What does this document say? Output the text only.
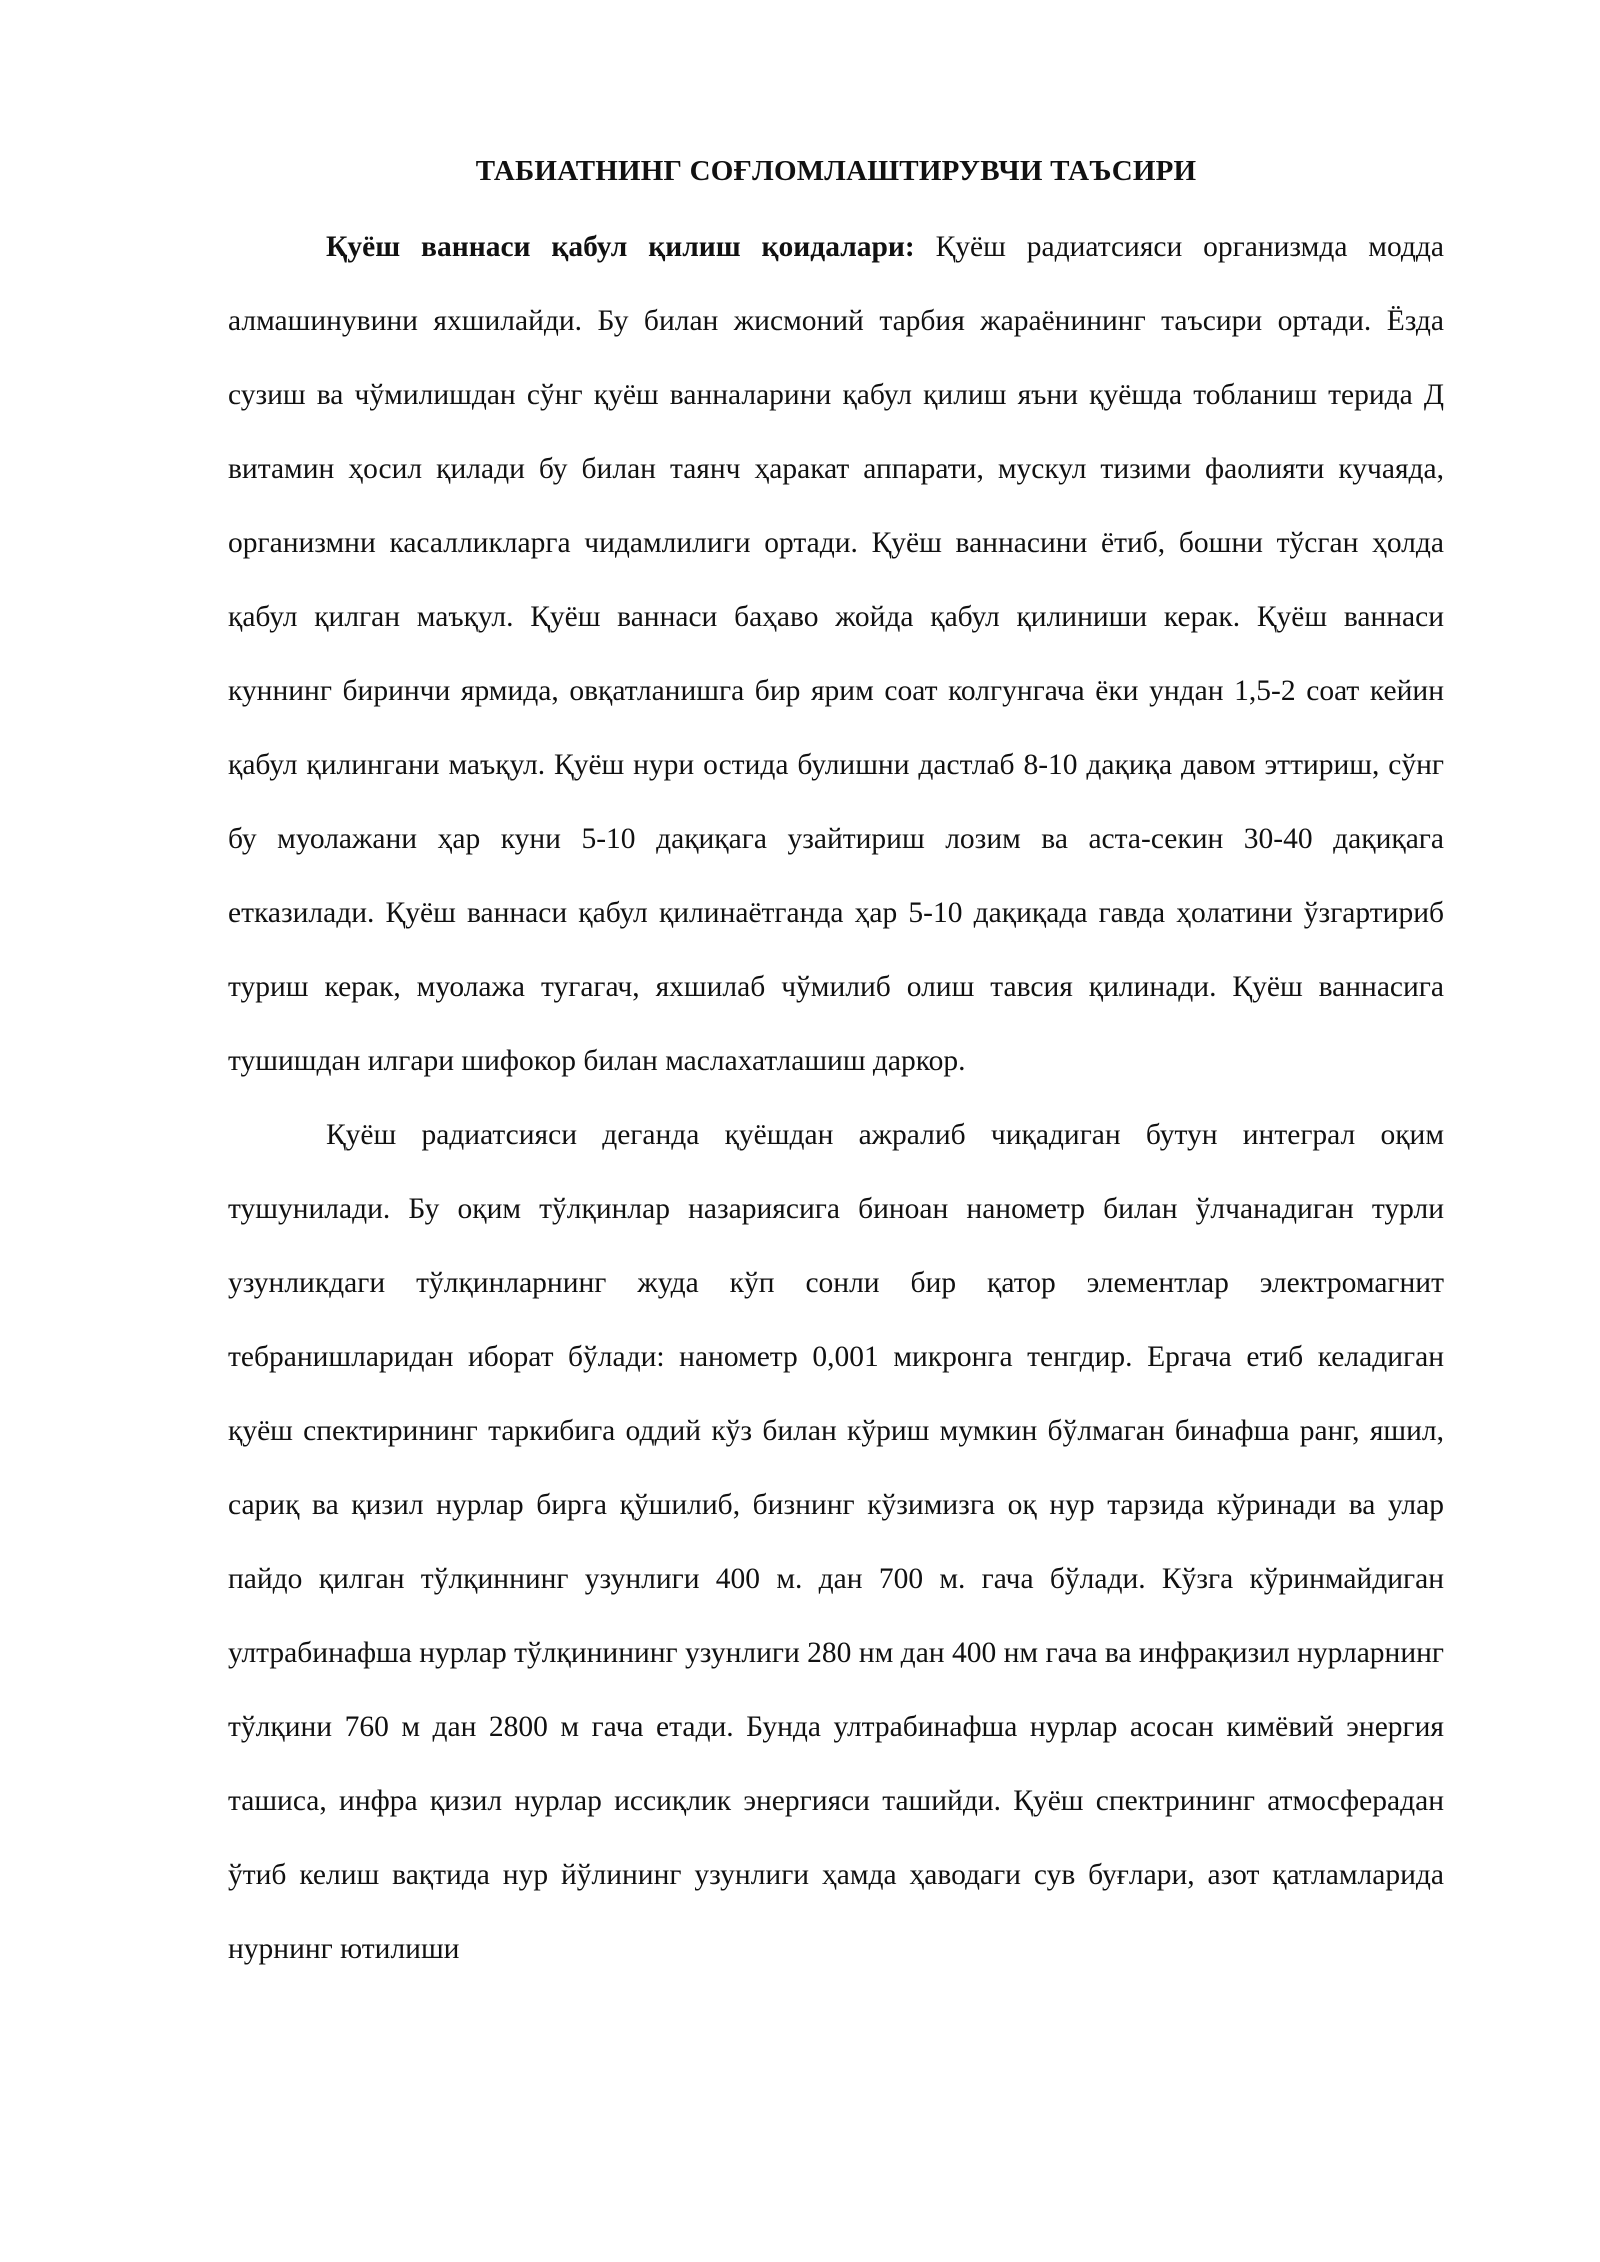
ТАБИАТНИНГ СОҒЛОМЛАШТИРУВЧИ ТАЪСИРИ

Қуёш ваннаси қабул қилиш қоидалари: Қуёш радиатсияси организмда модда алмашинувини яхшилайди. Бу билан жисмоний тарбия жараёнининг таъсири ортади. Ёзда сузиш ва чўмилишдан сўнг қуёш ванналарини қабул қилиш яъни қуёшда тобланиш терида Д витамин ҳосил қилади бу билан таянч ҳаракат аппарати, мускул тизими фаолияти кучаяда, организмни касалликларга чидамлилиги ортади. Қуёш ваннасини ётиб, бошни тўсган ҳолда қабул қилган маъқул. Қуёш ваннаси баҳаво жойда қабул қилиниши керак. Қуёш ваннаси куннинг биринчи ярмида, овқатланишга бир ярим соат колгунгача ёки ундан 1,5-2 соат кейин қабул қилингани маъқул. Қуёш нури остида булишни дастлаб 8-10 дақиқа давом эттириш, сўнг бу муолажани ҳар куни 5-10 дақиқага узайтириш лозим ва аста-секин 30-40 дақиқага етказилади. Қуёш ваннаси қабул қилинаётганда ҳар 5-10 дақиқада гавда ҳолатини ўзгартириб туриш керак, муолажа тугагач, яхшилаб чўмилиб олиш тавсия қилинади. Қуёш ваннасига тушишдан илгари шифокор билан маслахатлашиш даркор.

Қуёш радиатсияси деганда қуёшдан ажралиб чиқадиган бутун интеграл оқим тушунилади. Бу оқим тўлқинлар назариясига биноан нанометр билан ўлчанадиган турли узунликдаги тўлқинларнинг жуда кўп сонли бир қатор элементлар электромагнит тебранишларидан иборат бўлади: нанометр 0,001 микронга тенгдир. Ергача етиб келадиган қуёш спектирининг таркибига оддий кўз билан кўриш мумкин бўлмаган бинафша ранг, яшил, сариқ ва қизил нурлар бирга қўшилиб, бизнинг кўзимизга оқ нур тарзида кўринади ва улар пайдо қилган тўлқиннинг узунлиги 400 м. дан 700 м. гача бўлади. Кўзга кўринмайдиган ултрабинафша нурлар тўлқинининг узунлиги 280 нм дан 400 нм гача ва инфрақизил нурларнинг тўлқини 760 м дан 2800 м гача етади. Бунда ултрабинафша нурлар асосан кимёвий энергия ташиса, инфра қизил нурлар иссиқлик энергияси ташийди. Қуёш спектрининг атмосферадан ўтиб келиш вақтида нур йўлининг узунлиги ҳамда ҳаводаги сув буғлари, азот қатламларида нурнинг ютилиши
